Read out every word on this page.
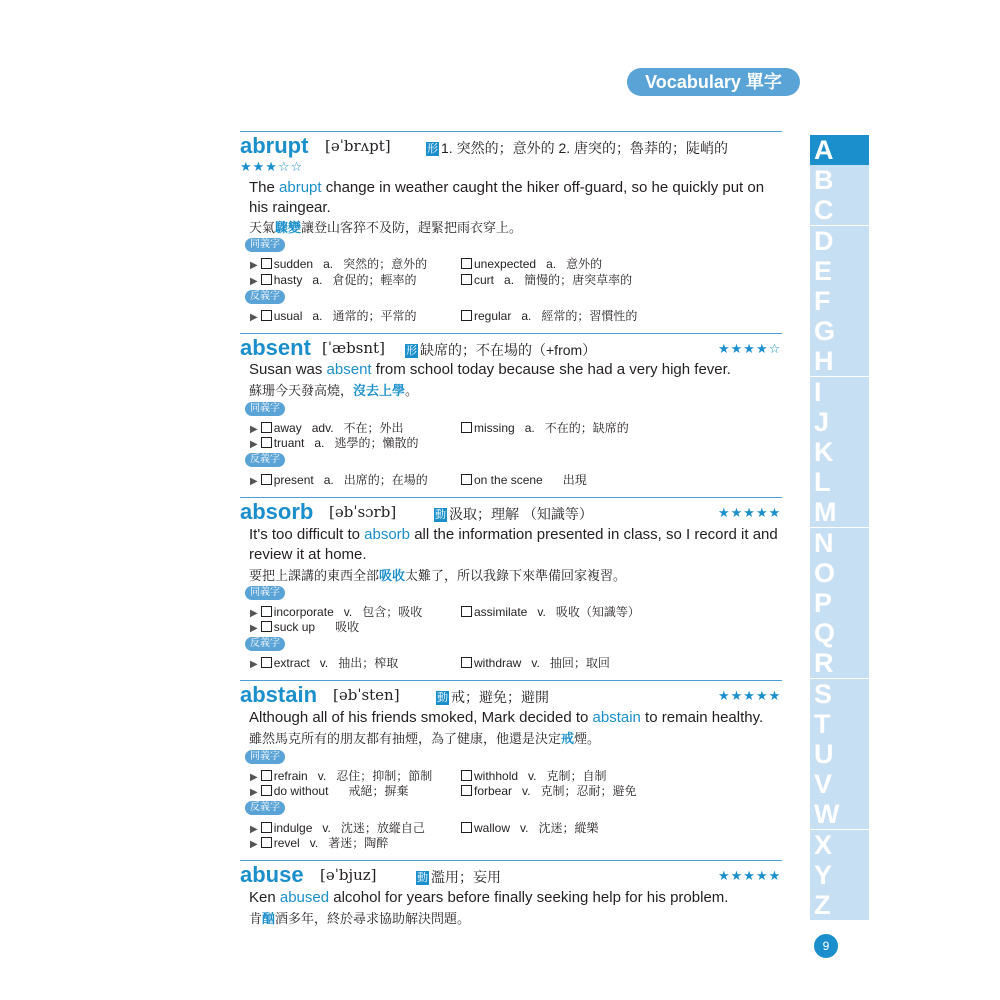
Vocabulary 單字
abrupt [əˈbrʌpt]	形 1. 突然的；意外的 2. 唐突的；魯莽的；陡峭的
★★★☆☆
The abrupt change in weather caught the hiker off-guard, so he quickly put on his raingear.
天氣驟變讓登山客猝不及防，趕緊把雨衣穿上。
同義字
▶ sudden a. 突然的；意外的	unexpected a. 意外的
▶ hasty a. 倉促的；輕率的	curt a. 簡慢的；唐突草率的
反義字
▶ usual a. 通常的；平常的	regular a. 經常的；習慣性的
absent [ˈæbsnt] 形 缺席的；不在場的（+from）	★★★★☆
Susan was absent from school today because she had a very high fever.
蘇珊今天發高燒，沒去上學。
同義字
▶ away adv. 不在；外出	missing a. 不在的；缺席的
▶ truant a. 逃學的；懶散的
反義字
▶ present a. 出席的；在場的	on the scene 出現
absorb [əbˈsɔrb]	動 汲取；理解 （知識等）	★★★★★
It's too difficult to absorb all the information presented in class, so I record it and review it at home.
要把上課講的東西全部吸收太難了，所以我錄下來準備回家複習。
同義字
▶ incorporate v. 包含；吸收	assimilate v. 吸收（知識等）
▶ suck up 吸收
反義字
▶ extract v. 抽出；榨取	withdraw v. 抽回；取回
abstain [əbˈsten]	動 戒；避免；避開	★★★★★
Although all of his friends smoked, Mark decided to abstain to remain healthy.
雖然馬克所有的朋友都有抽煙，為了健康，他還是決定戒煙。
同義字
▶ refrain v. 忍住；抑制；節制	withhold v. 克制；自制
▶ do without 戒絕；摒棄	forbear v. 克制；忍耐；避免
反義字
▶ indulge v. 沈迷；放縱自己	wallow v. 沈迷；縱樂
▶ revel v. 著迷；陶醉
abuse [əˈbjuz]	動 濫用；妄用	★★★★★
Ken abused alcohol for years before finally seeking help for his problem.
肯酗酒多年，終於尋求協助解決問題。
A
B
C
D
E
F
G
H
I
J
K
L
M
N
O
P
Q
R
S
T
U
V
W
X
Y
Z
9
